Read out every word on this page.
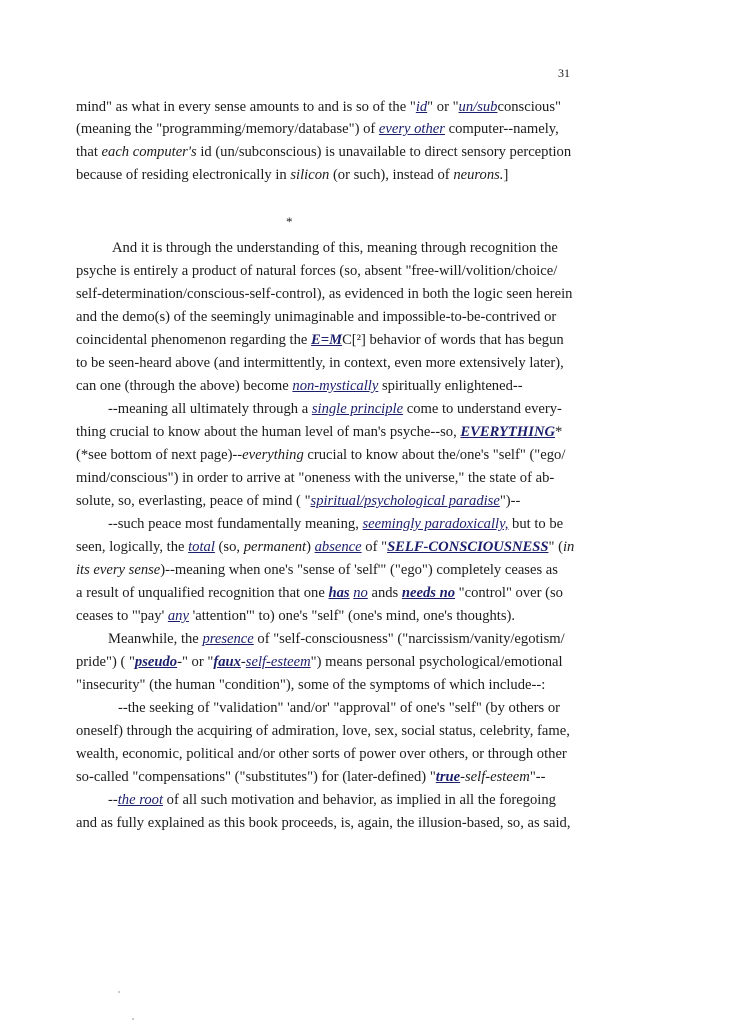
31
*
mind" as what in every sense amounts to and is so of the "id" or "un/subconscious"
(meaning the "programming/memory/database") of every other computer--namely,
that each computer's id (un/subconscious) is unavailable to direct sensory perception
because of residing electronically in silicon (or such), instead of neurons.]
And it is through the understanding of this, meaning through recognition the
psyche is entirely a product of natural forces (so, absent "free-will/volition/choice/
self-determination/conscious-self-control), as evidenced in both the logic seen herein
and the demo(s) of the seemingly unimaginable and impossible-to-be-contrived or
coincidental phenomenon regarding the E=MC[²] behavior of words that has begun
to be seen-heard above (and intermittently, in context, even more extensively later),
can one (through the above) become non-mystically spiritually enlightened--
--meaning all ultimately through a single principle come to understand every-
thing crucial to know about the human level of man's psyche--so, EVERYTHING*
(*see bottom of next page)--everything crucial to know about the/one's "self" ("ego/
mind/conscious") in order to arrive at "oneness with the universe," the state of ab-
solute, so, everlasting, peace of mind ( "spiritual/psychological paradise")--
--such peace most fundamentally meaning, seemingly paradoxically, but to be
seen, logically, the total (so, permanent) absence of "SELF-CONSCIOUSNESS" (in
its every sense)--meaning when one's "sense of 'self'" ("ego") completely ceases as
a result of unqualified recognition that one has no ands needs no "control" over (so
ceases to "'pay' any 'attention'" to) one's "self" (one's mind, one's thoughts).
Meanwhile, the presence of "self-consciousness" ("narcissism/vanity/egotism/
pride") ( "pseudo-" or "faux-self-esteem") means personal psychological/emotional
"insecurity" (the human "condition"), some of the symptoms of which include--:
--the seeking of "validation" 'and/or' "approval" of one's "self" (by others or
oneself) through the acquiring of admiration, love, sex, social status, celebrity, fame,
wealth, economic, political and/or other sorts of power over others, or through other
so-called "compensations" ("substitutes") for (later-defined) "true-self-esteem"--
--the root of all such motivation and behavior, as implied in all the foregoing
and as fully explained as this book proceeds, is, again, the illusion-based, so, as said,
